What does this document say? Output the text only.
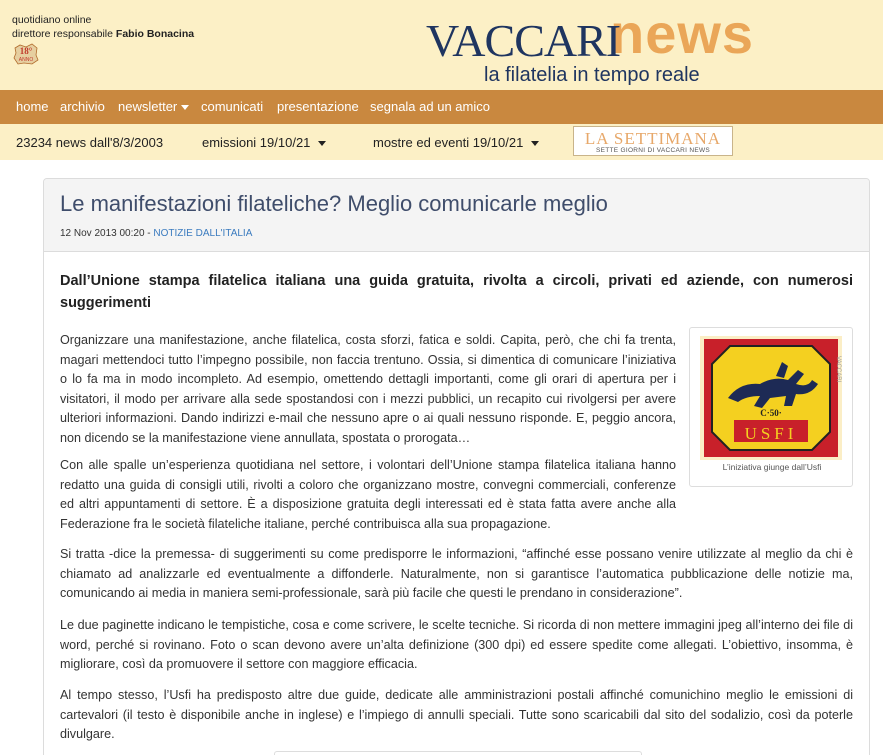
quotidiano online
direttore responsabile Fabio Bonacina
18°
ANNO	news
VACCARI
la filatelia in tempo reale
home archivio newsletter	comunicati presentazione segnala ad un amico
23234 news dall'8/3/2003	emissioni 19/10/21	mostre ed eventi 19/10/21	LA SETTIMANA
SETTE GIORNI DI VACCARI NEWS
Le manifestazioni filateliche? Meglio comunicarle meglio
12 Nov 2013 00:20 - NOTIZIE DALL'ITALIA
Dall’Unione stampa filatelica italiana una guida gratuita, rivolta a circoli, privati ed aziende, con numerosi suggerimenti
Organizzare una manifestazione, anche filatelica, costa sforzi, fatica e soldi. Capita, però, che chi fa trenta, magari mettendoci tutto l’impegno possibile, non faccia trentuno. Ossia, si dimentica di comunicare l’iniziativa o lo fa ma in modo incompleto. Ad esempio, omettendo dettagli importanti, come gli orari di apertura per i visitatori, il modo per arrivare alla sede spostandosi con i mezzi pubblici, un recapito cui rivolgersi per avere ulteriori informazioni. Dando indirizzi e-mail che nessuno apre o ai quali nessuno risponde. E, peggio ancora, non dicendo se la manifestazione viene annullata, spostata o prorogata…
C·50·
USFI
VACCARI
L’iniziativa giunge dall’Usfi
Con alle spalle un’esperienza quotidiana nel settore, i volontari dell’Unione stampa filatelica italiana hanno redatto una guida di consigli utili, rivolti a coloro che organizzano mostre, convegni commerciali, conferenze ed altri appuntamenti di settore. È a disposizione gratuita degli interessati ed è stata fatta avere anche alla Federazione fra le società filateliche italiane, perché contribuisca alla sua propagazione.
Si tratta -dice la premessa- di suggerimenti su come predisporre le informazioni, “affinché esse possano venire utilizzate al meglio da chi è chiamato ad analizzarle ed eventualmente a diffonderle. Naturalmente, non si garantisce l’automatica pubblicazione delle notizie ma, comunicando ai media in maniera semi-professionale, sarà più facile che questi le prendano in considerazione”.
Le due paginette indicano le tempistiche, cosa e come scrivere, le scelte tecniche. Si ricorda di non mettere immagini jpeg all’interno dei file di word, perché si rovinano. Foto o scan devono avere un’alta definizione (300 dpi) ed essere spedite come allegati. L’obiettivo, insomma, è migliorare, così da promuovere il settore con maggiore efficacia.
Al tempo stesso, l’Usfi ha predisposto altre due guide, dedicate alle amministrazioni postali affinché comunichino meglio le emissioni di cartevalori (il testo è disponibile anche in inglese) e l’impiego di annulli speciali. Tutte sono scaricabili dal sito del sodalizio, così da poterle divulgare.
